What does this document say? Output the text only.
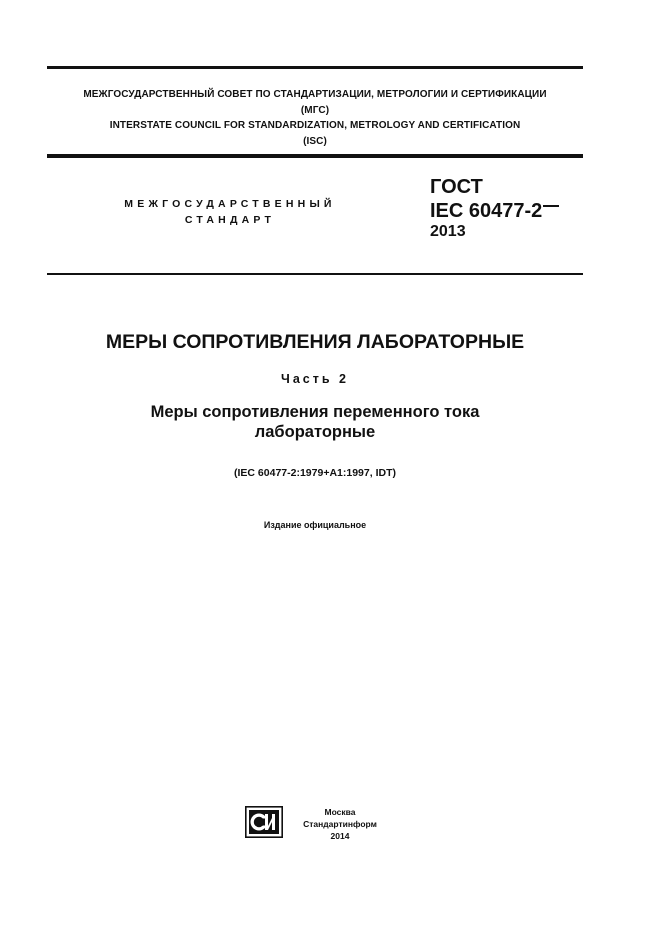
МЕЖГОСУДАРСТВЕННЫЙ СОВЕТ ПО СТАНДАРТИЗАЦИИ, МЕТРОЛОГИИ И СЕРТИФИКАЦИИ
(МГС)
INTERSTATE COUNCIL FOR STANDARDIZATION, METROLOGY AND CERTIFICATION
(ISC)
МЕЖГОСУДАРСТВЕННЫЙ
СТАНДАРТ
ГОСТ
IEC 60477-2
2013
МЕРЫ СОПРОТИВЛЕНИЯ ЛАБОРАТОРНЫЕ
Часть 2
Меры сопротивления переменного тока
лабораторные
(IEC 60477-2:1979+A1:1997, IDT)
Издание официальное
Москва
Стандартинформ
2014
